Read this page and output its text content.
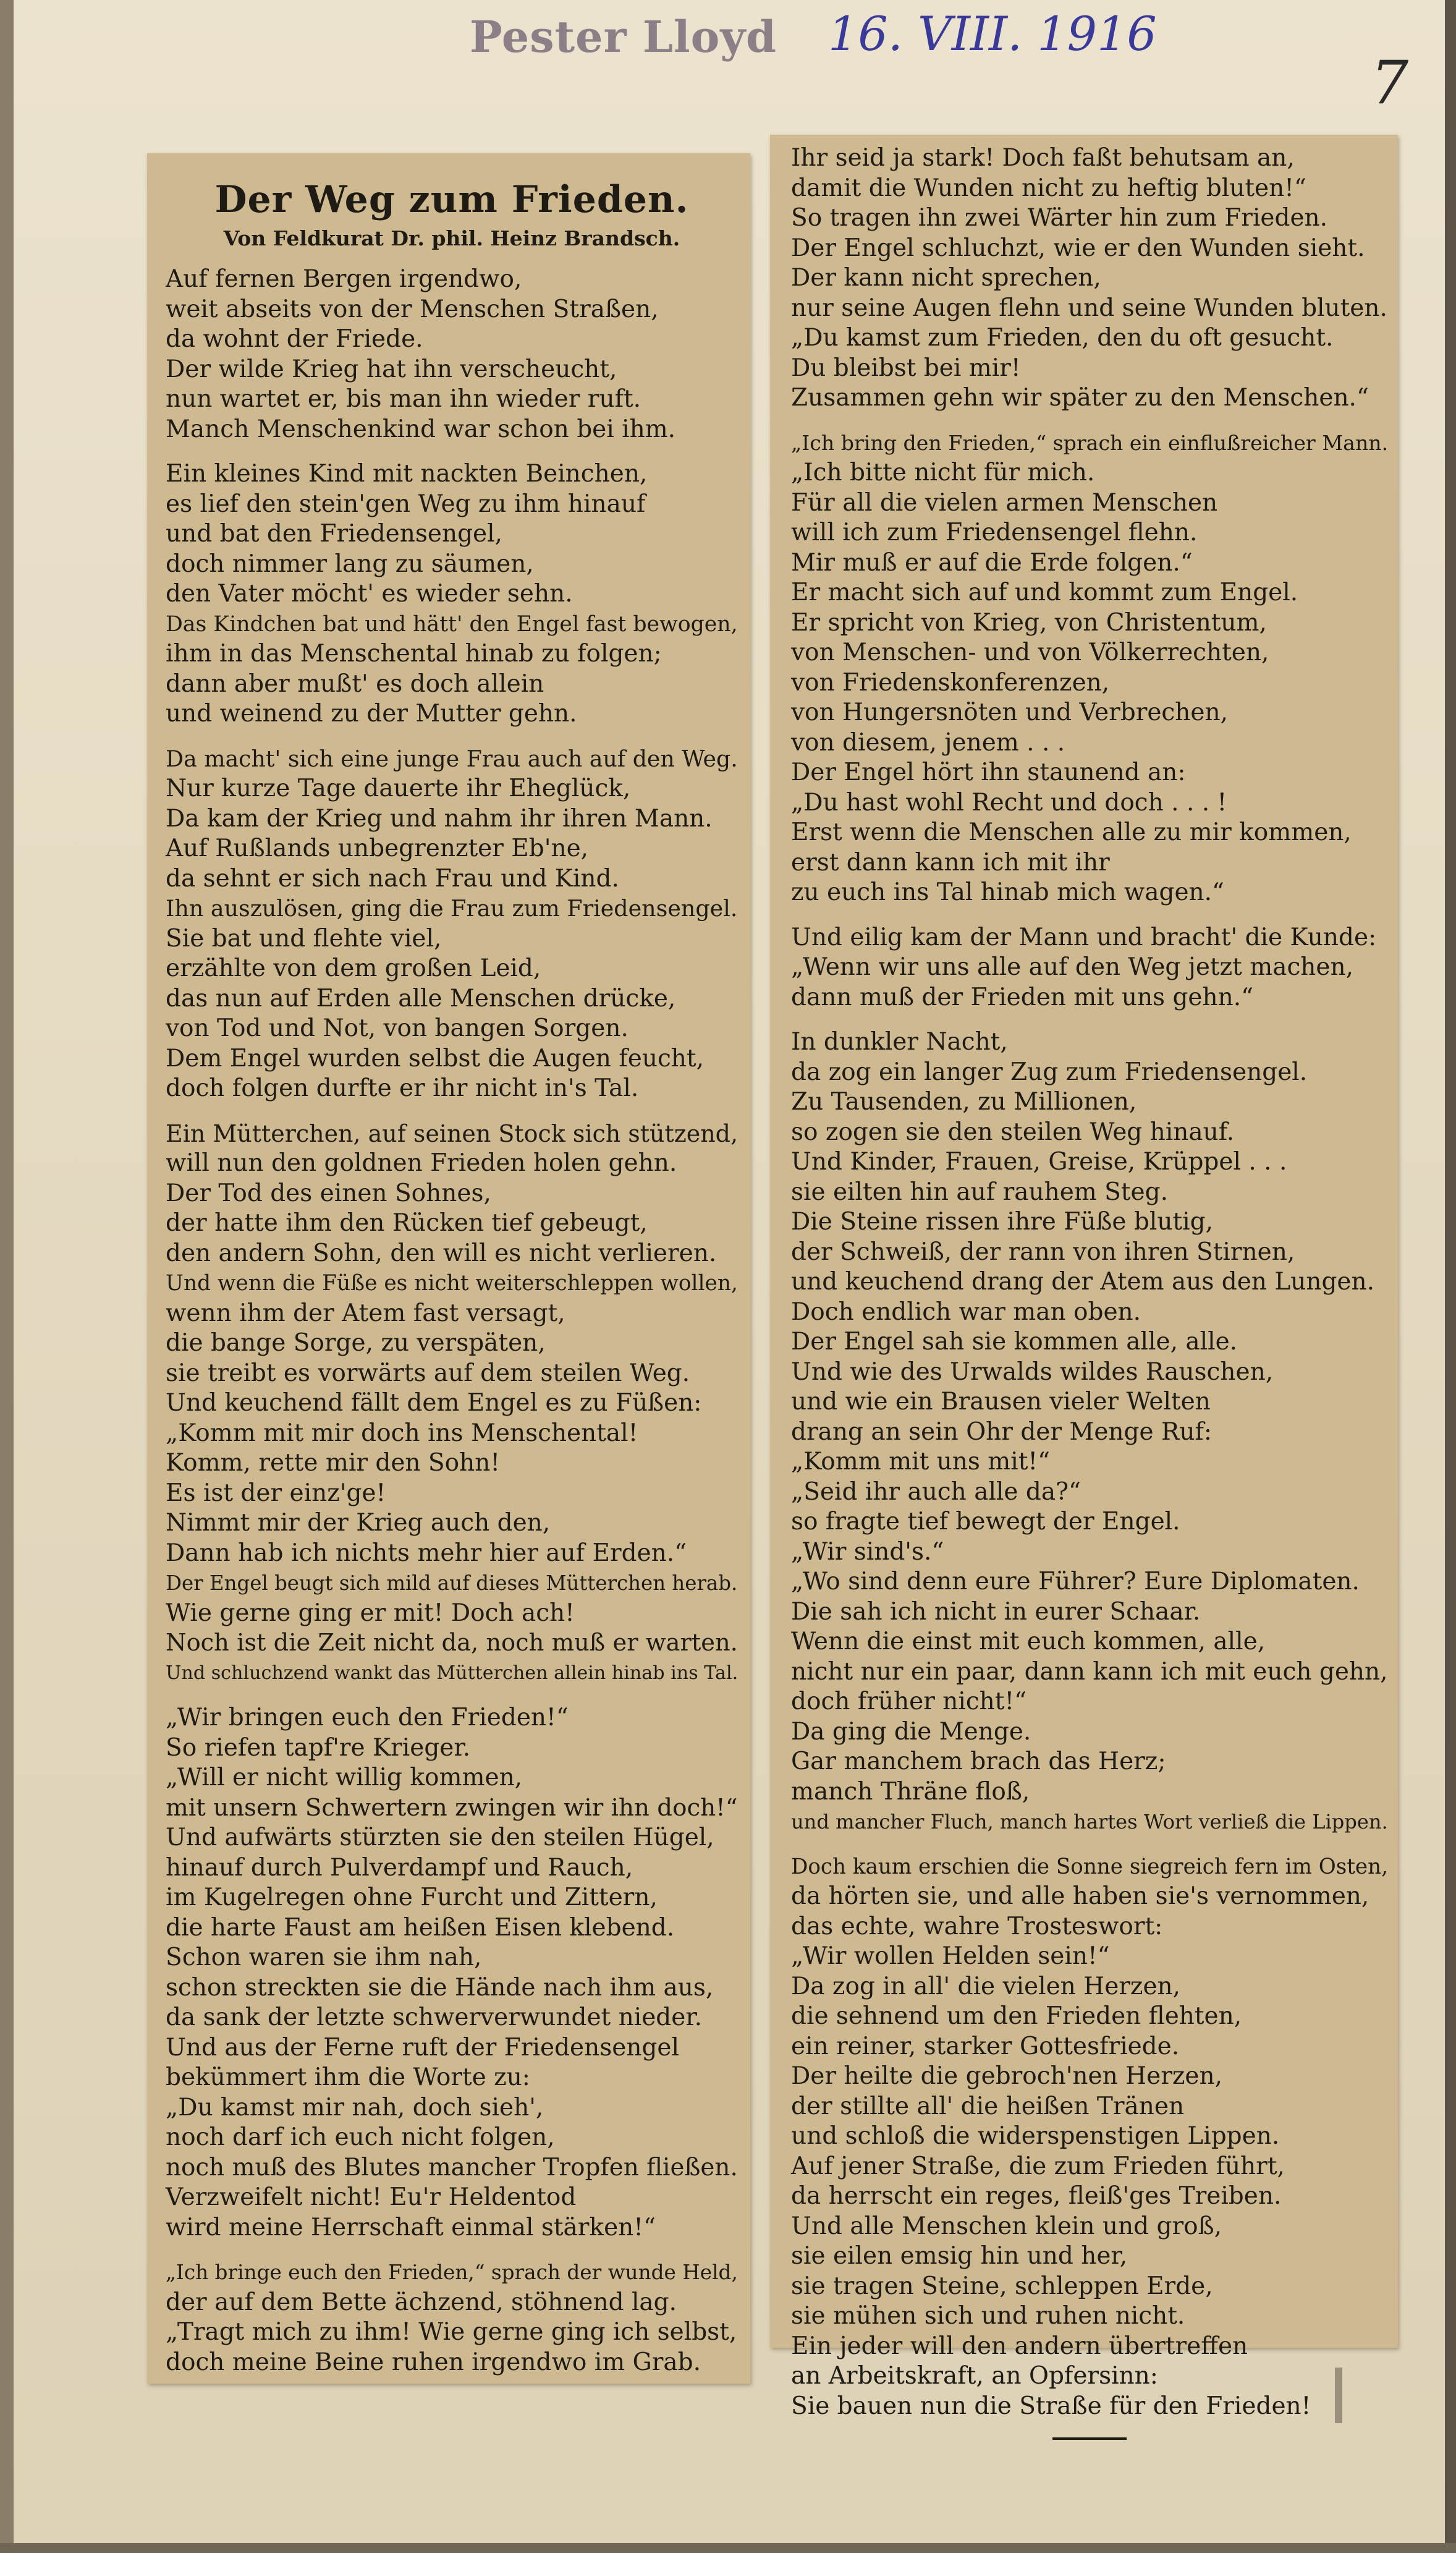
Pester Lloyd 16. VIII. 1916
7
Der Weg zum Frieden.
Von Feldkurat Dr. phil. Heinz Brandsch.
Auf fernen Bergen irgendwo,
weit abseits von der Menschen Straßen,
da wohnt der Friede.
Der wilde Krieg hat ihn verscheucht,
nun wartet er, bis man ihn wieder ruft.
Manch Menschenkind war schon bei ihm.
Ein kleines Kind mit nackten Beinchen,
es lief den stein'gen Weg zu ihm hinauf
und bat den Friedensengel,
doch nimmer lang zu säumen,
den Vater möcht' es wieder sehn.
Das Kindchen bat und hätt' den Engel fast bewogen,
ihm in das Menschental hinab zu folgen;
dann aber mußt' es doch allein
und weinend zu der Mutter gehn.
Da macht' sich eine junge Frau auch auf den Weg.
Nur kurze Tage dauerte ihr Eheglück,
Da kam der Krieg und nahm ihr ihren Mann.
Auf Rußlands unbegrenzter Eb'ne,
da sehnt er sich nach Frau und Kind.
Ihn auszulösen, ging die Frau zum Friedensengel.
Sie bat und flehte viel,
erzählte von dem großen Leid,
das nun auf Erden alle Menschen drücke,
von Tod und Not, von bangen Sorgen.
Dem Engel wurden selbst die Augen feucht,
doch folgen durfte er ihr nicht in's Tal.
Ein Mütterchen, auf seinen Stock sich stützend,
will nun den goldnen Frieden holen gehn.
Der Tod des einen Sohnes,
der hatte ihm den Rücken tief gebeugt,
den andern Sohn, den will es nicht verlieren.
Und wenn die Füße es nicht weiterschleppen wollen,
wenn ihm der Atem fast versagt,
die bange Sorge, zu verspäten,
sie treibt es vorwärts auf dem steilen Weg.
Und keuchend fällt dem Engel es zu Füßen:
„Komm mit mir doch ins Menschental!
Komm, rette mir den Sohn!
Es ist der einz'ge!
Nimmt mir der Krieg auch den,
Dann hab ich nichts mehr hier auf Erden.“
Der Engel beugt sich mild auf dieses Mütterchen herab.
Wie gerne ging er mit! Doch ach!
Noch ist die Zeit nicht da, noch muß er warten.
Und schluchzend wankt das Mütterchen allein hinab ins Tal.
„Wir bringen euch den Frieden!“
So riefen tapf're Krieger.
„Will er nicht willig kommen,
mit unsern Schwertern zwingen wir ihn doch!“
Und aufwärts stürzten sie den steilen Hügel,
hinauf durch Pulverdampf und Rauch,
im Kugelregen ohne Furcht und Zittern,
die harte Faust am heißen Eisen klebend.
Schon waren sie ihm nah,
schon streckten sie die Hände nach ihm aus,
da sank der letzte schwerverwundet nieder.
Und aus der Ferne ruft der Friedensengel
bekümmert ihm die Worte zu:
„Du kamst mir nah, doch sieh',
noch darf ich euch nicht folgen,
noch muß des Blutes mancher Tropfen fließen.
Verzweifelt nicht! Eu'r Heldentod
wird meine Herrschaft einmal stärken!“
„Ich bringe euch den Frieden,“ sprach der wunde Held,
der auf dem Bette ächzend, stöhnend lag.
„Tragt mich zu ihm! Wie gerne ging ich selbst,
doch meine Beine ruhen irgendwo im Grab.
Ihr seid ja stark! Doch faßt behutsam an,
damit die Wunden nicht zu heftig bluten!“
So tragen ihn zwei Wärter hin zum Frieden.
Der Engel schluchzt, wie er den Wunden sieht.
Der kann nicht sprechen,
nur seine Augen flehn und seine Wunden bluten.
„Du kamst zum Frieden, den du oft gesucht.
Du bleibst bei mir!
Zusammen gehn wir später zu den Menschen.“
„Ich bring den Frieden,“ sprach ein einflußreicher Mann.
„Ich bitte nicht für mich.
Für all die vielen armen Menschen
will ich zum Friedensengel flehn.
Mir muß er auf die Erde folgen.“
Er macht sich auf und kommt zum Engel.
Er spricht von Krieg, von Christentum,
von Menschen- und von Völkerrechten,
von Friedenskonferenzen,
von Hungersnöten und Verbrechen,
von diesem, jenem . . .
Der Engel hört ihn staunend an:
„Du hast wohl Recht und doch . . . !
Erst wenn die Menschen alle zu mir kommen,
erst dann kann ich mit ihr
zu euch ins Tal hinab mich wagen.“
Und eilig kam der Mann und bracht' die Kunde:
„Wenn wir uns alle auf den Weg jetzt machen,
dann muß der Frieden mit uns gehn.“
In dunkler Nacht,
da zog ein langer Zug zum Friedensengel.
Zu Tausenden, zu Millionen,
so zogen sie den steilen Weg hinauf.
Und Kinder, Frauen, Greise, Krüppel . . .
sie eilten hin auf rauhem Steg.
Die Steine rissen ihre Füße blutig,
der Schweiß, der rann von ihren Stirnen,
und keuchend drang der Atem aus den Lungen.
Doch endlich war man oben.
Der Engel sah sie kommen alle, alle.
Und wie des Urwalds wildes Rauschen,
und wie ein Brausen vieler Welten
drang an sein Ohr der Menge Ruf:
„Komm mit uns mit!“
„Seid ihr auch alle da?“
so fragte tief bewegt der Engel.
„Wir sind's.“
„Wo sind denn eure Führer? Eure Diplomaten.
Die sah ich nicht in eurer Schaar.
Wenn die einst mit euch kommen, alle,
nicht nur ein paar, dann kann ich mit euch gehn,
doch früher nicht!“
Da ging die Menge.
Gar manchem brach das Herz;
manch Thräne floß,
und mancher Fluch, manch hartes Wort verließ die Lippen.
Doch kaum erschien die Sonne siegreich fern im Osten,
da hörten sie, und alle haben sie's vernommen,
das echte, wahre Trosteswort:
„Wir wollen Helden sein!“
Da zog in all' die vielen Herzen,
die sehnend um den Frieden flehten,
ein reiner, starker Gottesfriede.
Der heilte die gebroch'nen Herzen,
der stillte all' die heißen Tränen
und schloß die widerspenstigen Lippen.
Auf jener Straße, die zum Frieden führt,
da herrscht ein reges, fleiß'ges Treiben.
Und alle Menschen klein und groß,
sie eilen emsig hin und her,
sie tragen Steine, schleppen Erde,
sie mühen sich und ruhen nicht.
Ein jeder will den andern übertreffen
an Arbeitskraft, an Opfersinn:
Sie bauen nun die Straße für den Frieden!
